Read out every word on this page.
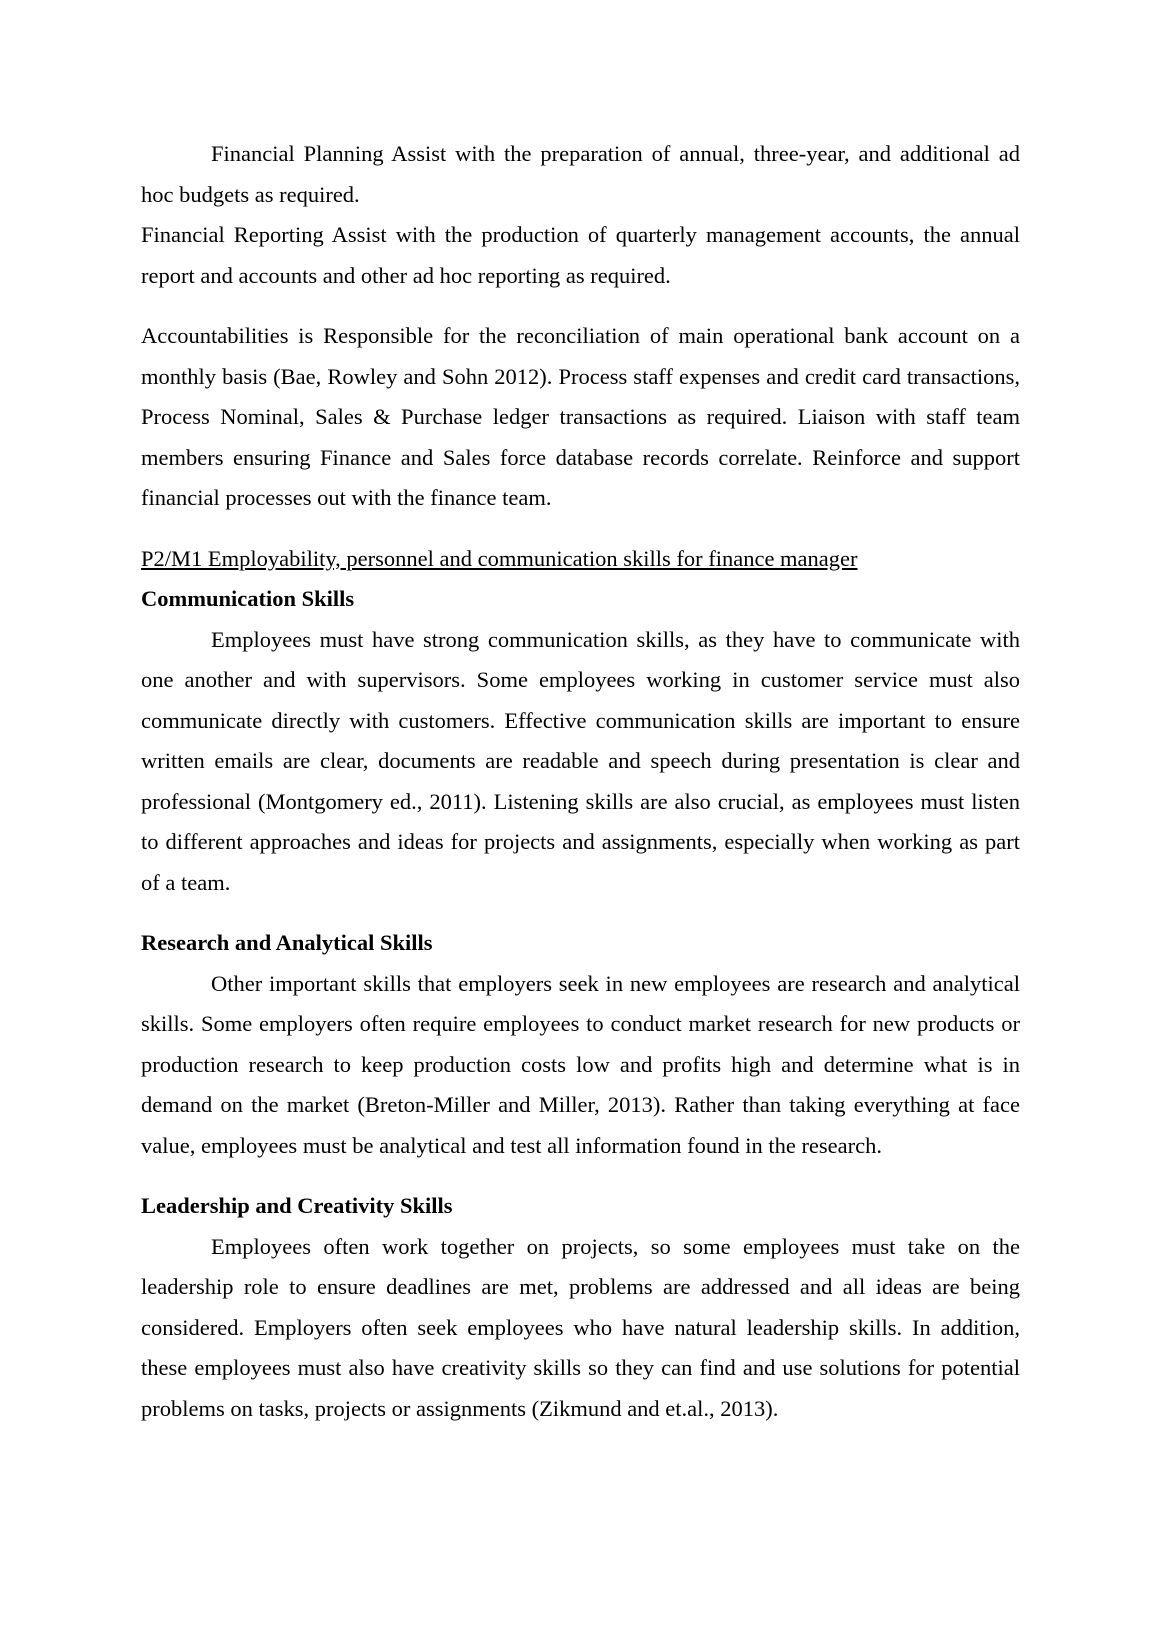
Financial Planning Assist with the preparation of annual, three-year, and additional ad hoc budgets as required.

Financial Reporting Assist with the production of quarterly management accounts, the annual report and accounts and other ad hoc reporting as required.

Accountabilities is Responsible for the reconciliation of main operational bank account on a monthly basis (Bae, Rowley and Sohn 2012). Process staff expenses and credit card transactions, Process Nominal, Sales & Purchase ledger transactions as required. Liaison with staff team members ensuring Finance and Sales force database records correlate. Reinforce and support financial processes out with the finance team.

P2/M1 Employability, personnel and communication skills for finance manager

Communication Skills

Employees must have strong communication skills, as they have to communicate with one another and with supervisors. Some employees working in customer service must also communicate directly with customers. Effective communication skills are important to ensure written emails are clear, documents are readable and speech during presentation is clear and professional (Montgomery ed., 2011). Listening skills are also crucial, as employees must listen to different approaches and ideas for projects and assignments, especially when working as part of a team.

Research and Analytical Skills

Other important skills that employers seek in new employees are research and analytical skills. Some employers often require employees to conduct market research for new products or production research to keep production costs low and profits high and determine what is in demand on the market (Breton-Miller and Miller, 2013). Rather than taking everything at face value, employees must be analytical and test all information found in the research.

Leadership and Creativity Skills

Employees often work together on projects, so some employees must take on the leadership role to ensure deadlines are met, problems are addressed and all ideas are being considered. Employers often seek employees who have natural leadership skills. In addition, these employees must also have creativity skills so they can find and use solutions for potential problems on tasks, projects or assignments (Zikmund and et.al., 2013).
